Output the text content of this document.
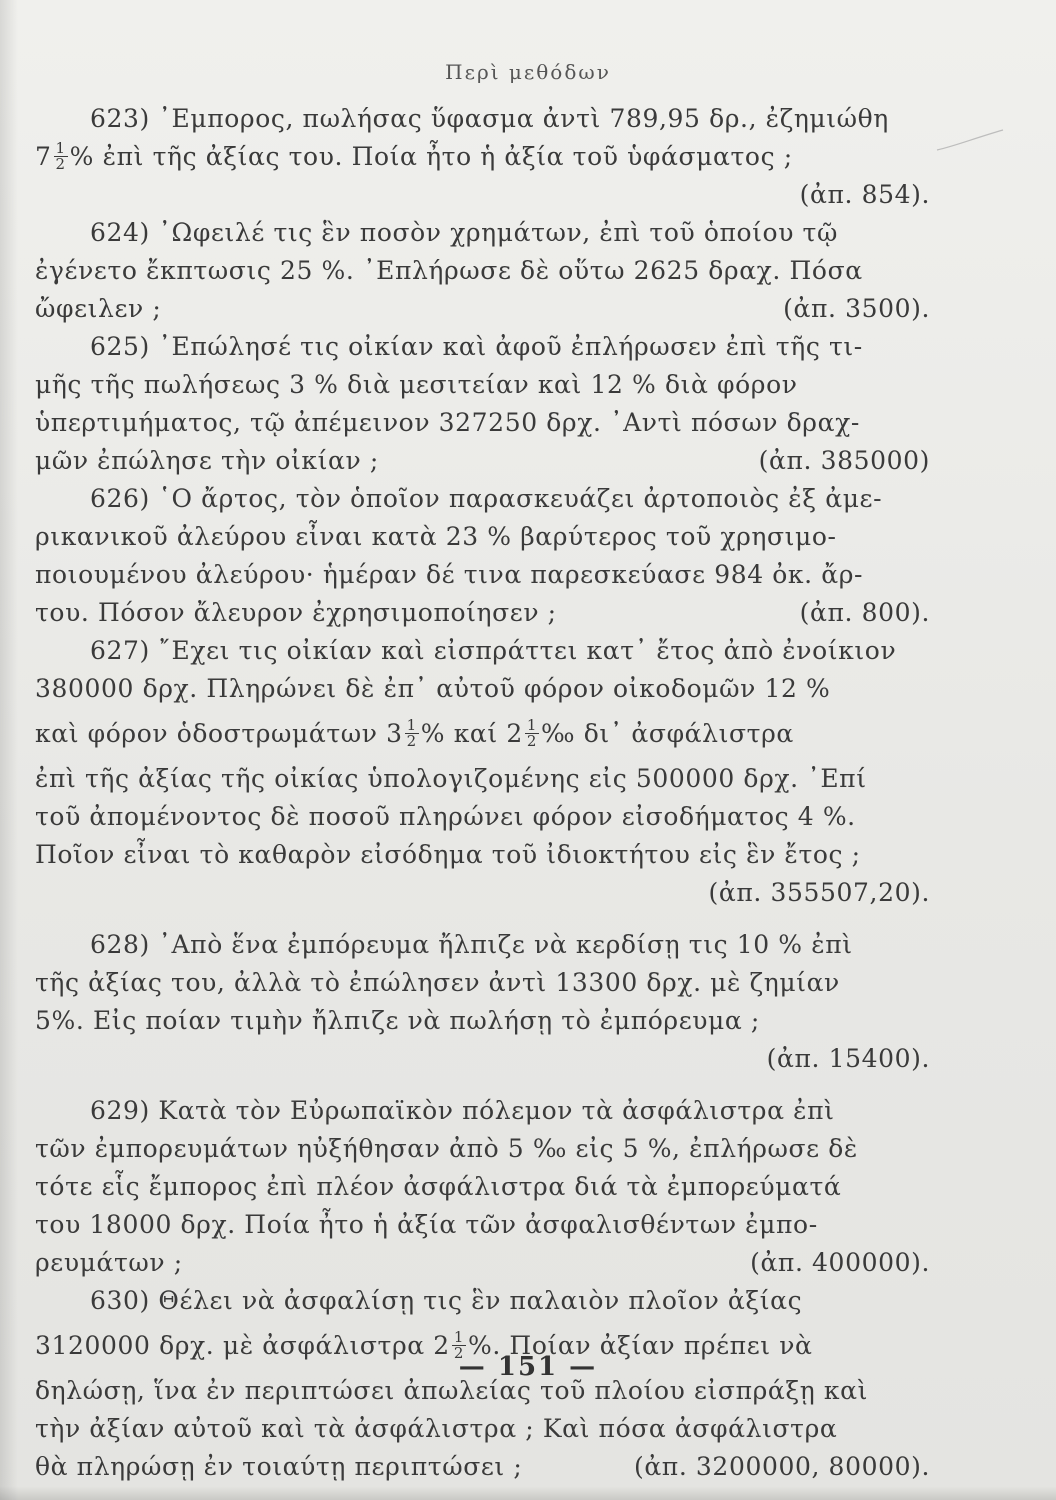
Περὶ μεθόδων
623) ᾿Εμπορος, πωλήσας ὕφασμα ἀντὶ 789,95 δρ., ἐζημιώθη
$7 \frac{1}{2}$ % ἐπὶ τῆς ἀξίας του. Ποία ἦτο ἡ ἀξία τοῦ ὑφάσματος ;
(ἀπ. 854).
624) ᾿Ωφειλέ τις ἓν ποσὸν χρημάτων, ἐπὶ τοῦ ὁποίου τῷ
ἐγένετο ἔκπτωσις 25 %. ᾿Επλήρωσε δὲ οὕτω 2625 δραχ. Πόσα
ὤφειλεν ;	(ἀπ. 3500).
625) ᾿Επώλησέ τις οἰκίαν καὶ ἀφοῦ ἐπλήρωσεν ἐπὶ τῆς τι-
μῆς τῆς πωλήσεως 3 % διὰ μεσιτείαν καὶ 12 % διὰ φόρον
ὑπερτιμήματος, τῷ ἀπέμεινον 327250 δρχ. ᾿Αντὶ πόσων δραχ-
μῶν ἐπώλησε τὴν οἰκίαν ;	(ἀπ. 385000)
626) ῾Ο ἄρτος, τὸν ὁποῖον παρασκευάζει ἀρτοποιὸς ἐξ ἀμε-
ρικανικοῦ ἀλεύρου εἶναι κατὰ 23 % βαρύτερος τοῦ χρησιμο-
ποιουμένου ἀλεύρου· ἡμέραν δέ τινα παρεσκεύασε 984 ὀκ. ἄρ-
του. Πόσον ἄλευρον ἐχρησιμοποίησεν ;	(ἀπ. 800).
627) ῎Εχει τις οἰκίαν καὶ εἰσπράττει κατ᾿ ἔτος ἀπὸ ἐνοίκιον
380000 δρχ. Πληρώνει δὲ ἐπ᾿ αὐτοῦ φόρον οἰκοδομῶν 12 %
καὶ φόρον ὁδοστρωμάτων $3 \frac{1}{2}$ % καί $2 \frac{1}{2}$ ‰ δι᾿ ἀσφάλιστρα
ἐπὶ τῆς ἀξίας τῆς οἰκίας ὑπολογιζομένης εἰς 500000 δρχ. ᾿Επί
τοῦ ἀπομένοντος δὲ ποσοῦ πληρώνει φόρον εἰσοδήματος 4 %.
Ποῖον εἶναι τὸ καθαρὸν εἰσόδημα τοῦ ἰδιοκτήτου εἰς ἓν ἔτος ;
(ἀπ. 355507,20).
628) ᾿Απὸ ἕνα ἐμπόρευμα ἤλπιζε νὰ κερδίσῃ τις 10 % ἐπὶ
τῆς ἀξίας του, ἀλλὰ τὸ ἐπώλησεν ἀντὶ 13300 δρχ. μὲ ζημίαν
5%. Εἰς ποίαν τιμὴν ἤλπιζε νὰ πωλήσῃ τὸ ἐμπόρευμα ;
(ἀπ. 15400).
629) Κατὰ τὸν Εὐρωπαϊκὸν πόλεμον τὰ ἀσφάλιστρα ἐπὶ
τῶν ἐμπορευμάτων ηὐξήθησαν ἀπὸ 5 ‰ εἰς 5 %, ἐπλήρωσε δὲ
τότε εἷς ἔμπορος ἐπὶ πλέον ἀσφάλιστρα διά τὰ ἐμπορεύματά
του 18000 δρχ. Ποία ἦτο ἡ ἀξία τῶν ἀσφαλισθέντων ἐμπο-
ρευμάτων ;	(ἀπ. 400000).
630) Θέλει νὰ ἀσφαλίσῃ τις ἓν παλαιὸν πλοῖον ἀξίας
3120000 δρχ. μὲ ἀσφάλιστρα $2 \frac{1}{2}$ %. Ποίαν ἀξίαν πρέπει νὰ
δηλώσῃ, ἵνα ἐν περιπτώσει ἀπωλείας τοῦ πλοίου εἰσπράξῃ καὶ
τὴν ἀξίαν αὐτοῦ καὶ τὰ ἀσφάλιστρα ; Καὶ πόσα ἀσφάλιστρα
θὰ πληρώσῃ ἐν τοιαύτῃ περιπτώσει ;	(ἀπ. 3200000, 80000).
— 151 —
